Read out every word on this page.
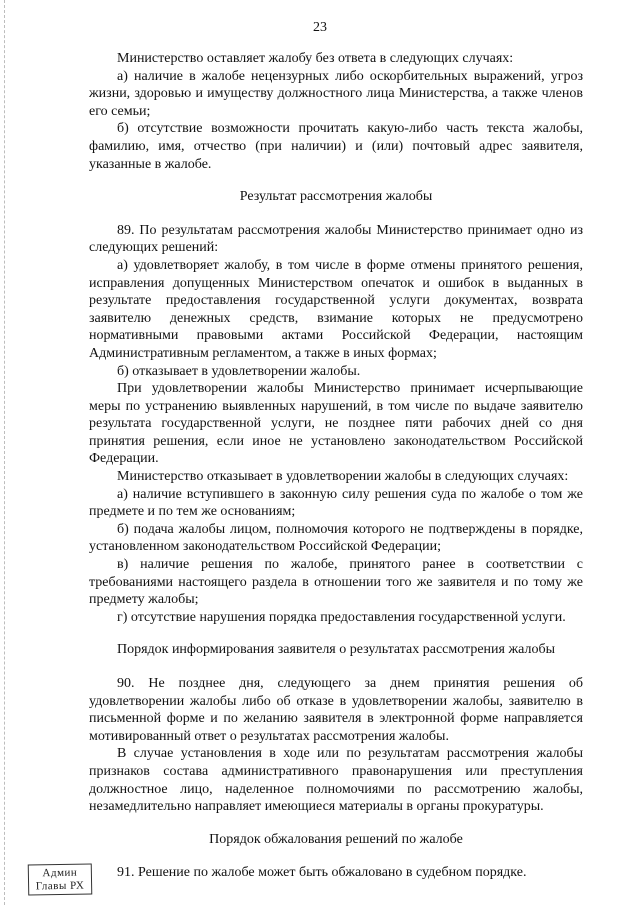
23

Министерство оставляет жалобу без ответа в следующих случаях:

а) наличие в жалобе нецензурных либо оскорбительных выражений, угроз жизни, здоровью и имуществу должностного лица Министерства, а также членов его семьи;

б) отсутствие возможности прочитать какую-либо часть текста жалобы, фамилию, имя, отчество (при наличии) и (или) почтовый адрес заявителя, указанные в жалобе.

Результат рассмотрения жалобы

89. По результатам рассмотрения жалобы Министерство принимает одно из следующих решений:

а) удовлетворяет жалобу, в том числе в форме отмены принятого решения, исправления допущенных Министерством опечаток и ошибок в выданных в результате предоставления государственной услуги документах, возврата заявителю денежных средств, взимание которых не предусмотрено нормативными правовыми актами Российской Федерации, настоящим Административным регламентом, а также в иных формах;

б) отказывает в удовлетворении жалобы.

При удовлетворении жалобы Министерство принимает исчерпывающие меры по устранению выявленных нарушений, в том числе по выдаче заявителю результата государственной услуги, не позднее пяти рабочих дней со дня принятия решения, если иное не установлено законодательством Российской Федерации.

Министерство отказывает в удовлетворении жалобы в следующих случаях:

а) наличие вступившего в законную силу решения суда по жалобе о том же предмете и по тем же основаниям;

б) подача жалобы лицом, полномочия которого не подтверждены в порядке, установленном законодательством Российской Федерации;

в) наличие решения по жалобе, принятого ранее в соответствии с требованиями настоящего раздела в отношении того же заявителя и по тому же предмету жалобы;

г) отсутствие нарушения порядка предоставления государственной услуги.

Порядок информирования заявителя о результатах рассмотрения жалобы

90. Не позднее дня, следующего за днем принятия решения об удовлетворении жалобы либо об отказе в удовлетворении жалобы, заявителю в письменной форме и по желанию заявителя в электронной форме направляется мотивированный ответ о результатах рассмотрения жалобы.

В случае установления в ходе или по результатам рассмотрения жалобы признаков состава административного правонарушения или преступления должностное лицо, наделенное полномочиями по рассмотрению жалобы, незамедлительно направляет имеющиеся материалы в органы прокуратуры.

Порядок обжалования решений по жалобе

91. Решение по жалобе может быть обжаловано в судебном порядке.

Админ
Главы РХ
